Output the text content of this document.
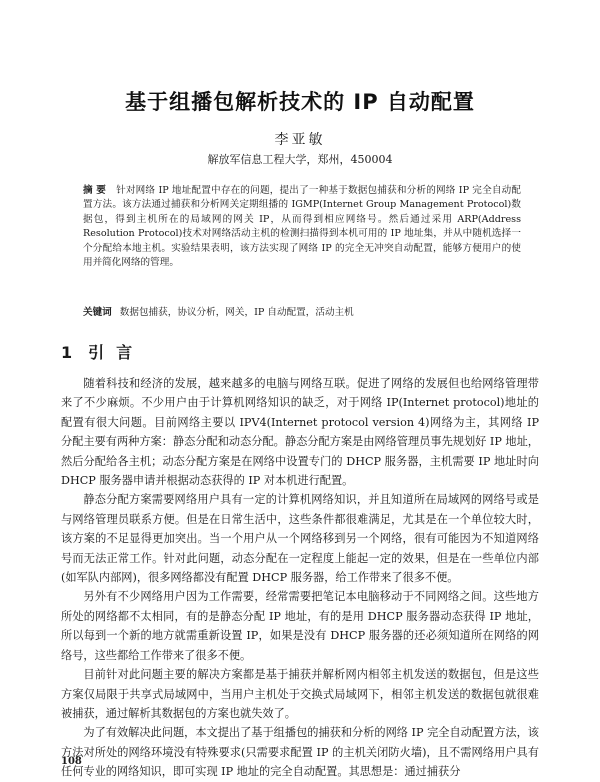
基于组播包解析技术的 IP 自动配置
李亚敏
解放军信息工程大学，郑州，450004
摘 要 针对网络 IP 地址配置中存在的问题，提出了一种基于数据包捕获和分析的网络 IP 完全自动配置方法。该方法通过捕获和分析网关定期组播的 IGMP(Internet Group Management Protocol)数据包，得到主机所在的局域网的网关 IP，从而得到相应网络号。然后通过采用 ARP(Address Resolution Protocol)技术对网络活动主机的检测扫描得到本机可用的 IP 地址集，并从中随机选择一个分配给本地主机。实验结果表明，该方法实现了网络 IP 的完全无冲突自动配置，能够方便用户的使用并简化网络的管理。
关键词 数据包捕获，协议分析，网关，IP 自动配置，活动主机
1 引言

随着科技和经济的发展，越来越多的电脑与网络互联。促进了网络的发展但也给网络管理带来了不少麻烦。不少用户由于计算机网络知识的缺乏，对于网络 IP(Internet protocol)地址的配置有很大问题。目前网络主要以 IPV4(Internet protocol version 4)网络为主，其网络 IP 分配主要有两种方案：静态分配和动态分配。静态分配方案是由网络管理员事先规划好 IP 地址，然后分配给各主机；动态分配方案是在网络中设置专门的 DHCP 服务器，主机需要 IP 地址时向 DHCP 服务器申请并根据动态获得的 IP 对本机进行配置。

静态分配方案需要网络用户具有一定的计算机网络知识，并且知道所在局域网的网络号或是与网络管理员联系方便。但是在日常生活中，这些条件都很难满足，尤其是在一个单位较大时，该方案的不足显得更加突出。当一个用户从一个网络移到另一个网络，很有可能因为不知道网络号而无法正常工作。针对此问题，动态分配在一定程度上能起一定的效果，但是在一些单位内部(如军队内部网)，很多网络都没有配置 DHCP 服务器，给工作带来了很多不便。

另外有不少网络用户因为工作需要，经常需要把笔记本电脑移动于不同网络之间。这些地方所处的网络都不太相同，有的是静态分配 IP 地址，有的是用 DHCP 服务器动态获得 IP 地址，所以每到一个新的地方就需重新设置 IP，如果是没有 DHCP 服务器的还必须知道所在网络的网络号，这些都给工作带来了很多不便。

目前针对此问题主要的解决方案都是基于捕获并解析网内相邻主机发送的数据包，但是这些方案仅局限于共享式局域网中，当用户主机处于交换式局域网下，相邻主机发送的数据包就很难被捕获，通过解析其数据包的方案也就失效了。

为了有效解决此问题，本文提出了基于组播包的捕获和分析的网络 IP 完全自动配置方法，该方法对所处的网络环境没有特殊要求(只需要求配置 IP 的主机关闭防火墙)，且不需网络用户具有任何专业的网络知识，即可实现 IP 地址的完全自动配置。其思想是：通过捕获分

108
